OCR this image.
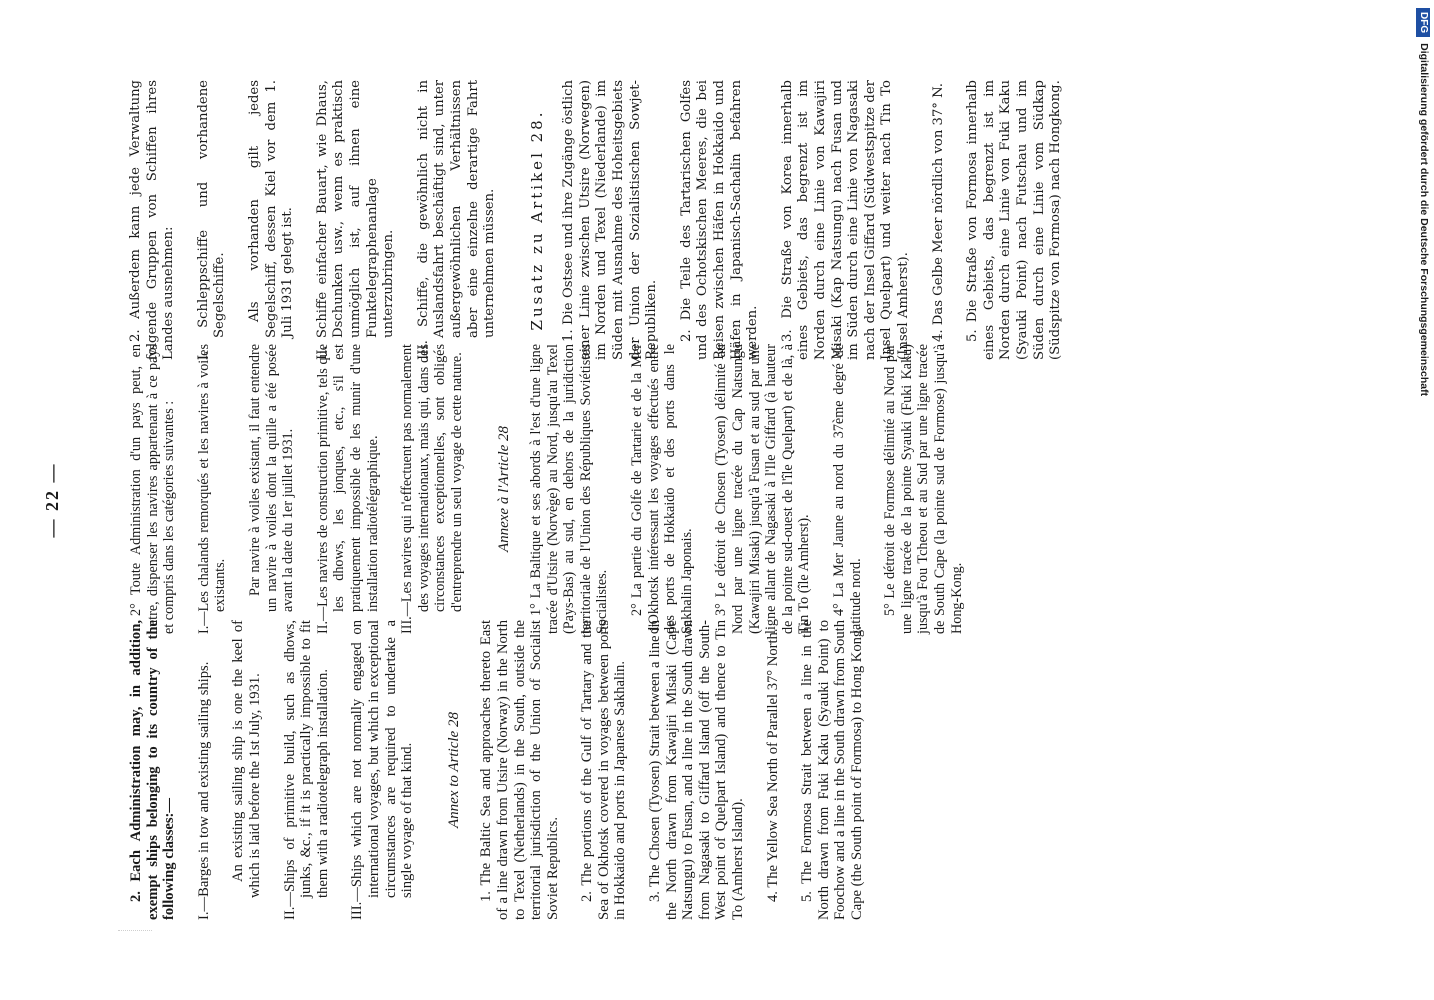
— 22 —

2. Each Administration may, in addition, exempt ships belonging to its country of the following classes:— I.—Barges in tow and existing sailing ships. An existing sailing ship is one the keel of which is laid before the 1st July, 1931. II.—Ships of primitive build, such as dhows, junks, &c., if it is practically impossible to fit them with a radiotelegraph installation. III.—Ships which are not normally engaged on international voyages, but which in exceptional circumstances are required to undertake a single voyage of that kind. Annex to Article 28 1. The Baltic Sea and approaches thereto East of a line drawn from Utsire (Norway) in the North to Texel (Netherlands) in the South, outside the territorial jurisdiction of the Union of Socialist Soviet Republics. 2. The portions of the Gulf of Tartary and the Sea of Okhotsk covered in voyages between ports in Hokkaido and ports in Japanese Sakhalin. 3. The Chosen (Tyosen) Strait between a line in the North drawn from Kawajiri Misaki (Cape Natsungu) to Fusan, and a line in the South drawn from Nagasaki to Giffard Island (off the South-West point of Quelpart Island) and thence to Tin To (Amherst Island). 4. The Yellow Sea North of Parallel 37° North. 5. The Formosa Strait between a line in the North drawn from Fuki Kaku (Syauki Point) to Foochow and a line in the South drawn from South Cape (the South point of Formosa) to Hong Kong.

2° Toute Administration d'un pays peut, en outre, dispenser les navires appartenant à ce pays et compris dans les catégories suivantes : I.—Les chalands remorqués et les navires à voiles existants. Par navire à voiles existant, il faut entendre un navire à voiles dont la quille a été posée avant la date du 1er juillet 1931. II.—Les navires de construction primitive, tels que les dhows, les jonques, etc., s'il est pratiquement impossible de les munir d'une installation radiotélégraphique. III.—Les navires qui n'effectuent pas normalement des voyages internationaux, mais qui, dans des circonstances exceptionnelles, sont obligés d'entreprendre un seul voyage de cette nature. Annexe à l'Article 28 1° La Baltique et ses abords à l'est d'une ligne tracée d'Utsire (Norvège) au Nord, jusqu'au Texel (Pays-Bas) au sud, en dehors de la juridiction territoriale de l'Union des Républiques Soviétistes Socialistes. 2° La partie du Golfe de Tartarie et de la Mer d'Okhotsk intéressant les voyages effectués entre des ports de Hokkaido et des ports dans le Sakhalin Japonais. 3° Le détroit de Chosen (Tyosen) délimité au Nord par une ligne tracée du Cap Natsungu (Kawajiri Misaki) jusqu'à Fusan et au sud par une ligne allant de Nagasaki à l'Ile Giffard (à hauteur de la pointe sud-ouest de l'île Quelpart) et de là, à Tin To (île Amherst). 4° La Mer Jaune au nord du 37ème degré de latitude nord. 5° Le détroit de Formose délimité au Nord par une ligne tracée de la pointe Syauki (Fuki Kaku) jusqu'à Fou Tcheou et au Sud par une ligne tracée de South Cape (la pointe sud de Formose) jusqu'à Hong-Kong.

2. Außerdem kann jede Verwaltung folgende Gruppen von Schiffen ihres Landes ausnehmen: I. Schleppschiffe und vorhandene Segelschiffe. Als vorhanden gilt jedes Segelschiff, dessen Kiel vor dem 1. Juli 1931 gelegt ist. II. Schiffe einfacher Bauart, wie Dhaus, Dschunken usw., wenn es praktisch unmöglich ist, auf ihnen eine Funktelegraphenanlage unterzubringen. III. Schiffe, die gewöhnlich nicht in Auslandsfahrt beschäftigt sind, unter außergewöhnlichen Verhältnissen aber eine einzelne derartige Fahrt unternehmen müssen. Zusatz zu Artikel 28. 1. Die Ostsee und ihre Zugänge östlich einer Linie zwischen Utsire (Norwegen) im Norden und Texel (Niederlande) im Süden mit Ausnahme des Hoheitsgebiets der Union der Sozialistischen Sowjet-Republiken. 2. Die Teile des Tartarischen Golfes und des Ochotskischen Meeres, die bei Reisen zwischen Häfen in Hokkaido und Häfen in Japanisch-Sachalin befahren werden. 3. Die Straße von Korea innerhalb eines Gebiets, das begrenzt ist im Norden durch eine Linie von Kawajiri Misaki (Kap Natsungu) nach Fusan und im Süden durch eine Linie von Nagasaki nach der Insel Giffard (Südwestspitze der Insel Quelpart) und weiter nach Tin To (Insel Amherst). 4. Das Gelbe Meer nördlich von 37° N. 5. Die Straße von Formosa innerhalb eines Gebiets, das begrenzt ist im Norden durch eine Linie von Fuki Kaku (Syauki Point) nach Futschau und im Süden durch eine Linie vom Südkap (Südspitze von Formosa) nach Hongkong.

DFGDigitalisierung gefördert durch die Deutsche Forschungsgemeinschaft
